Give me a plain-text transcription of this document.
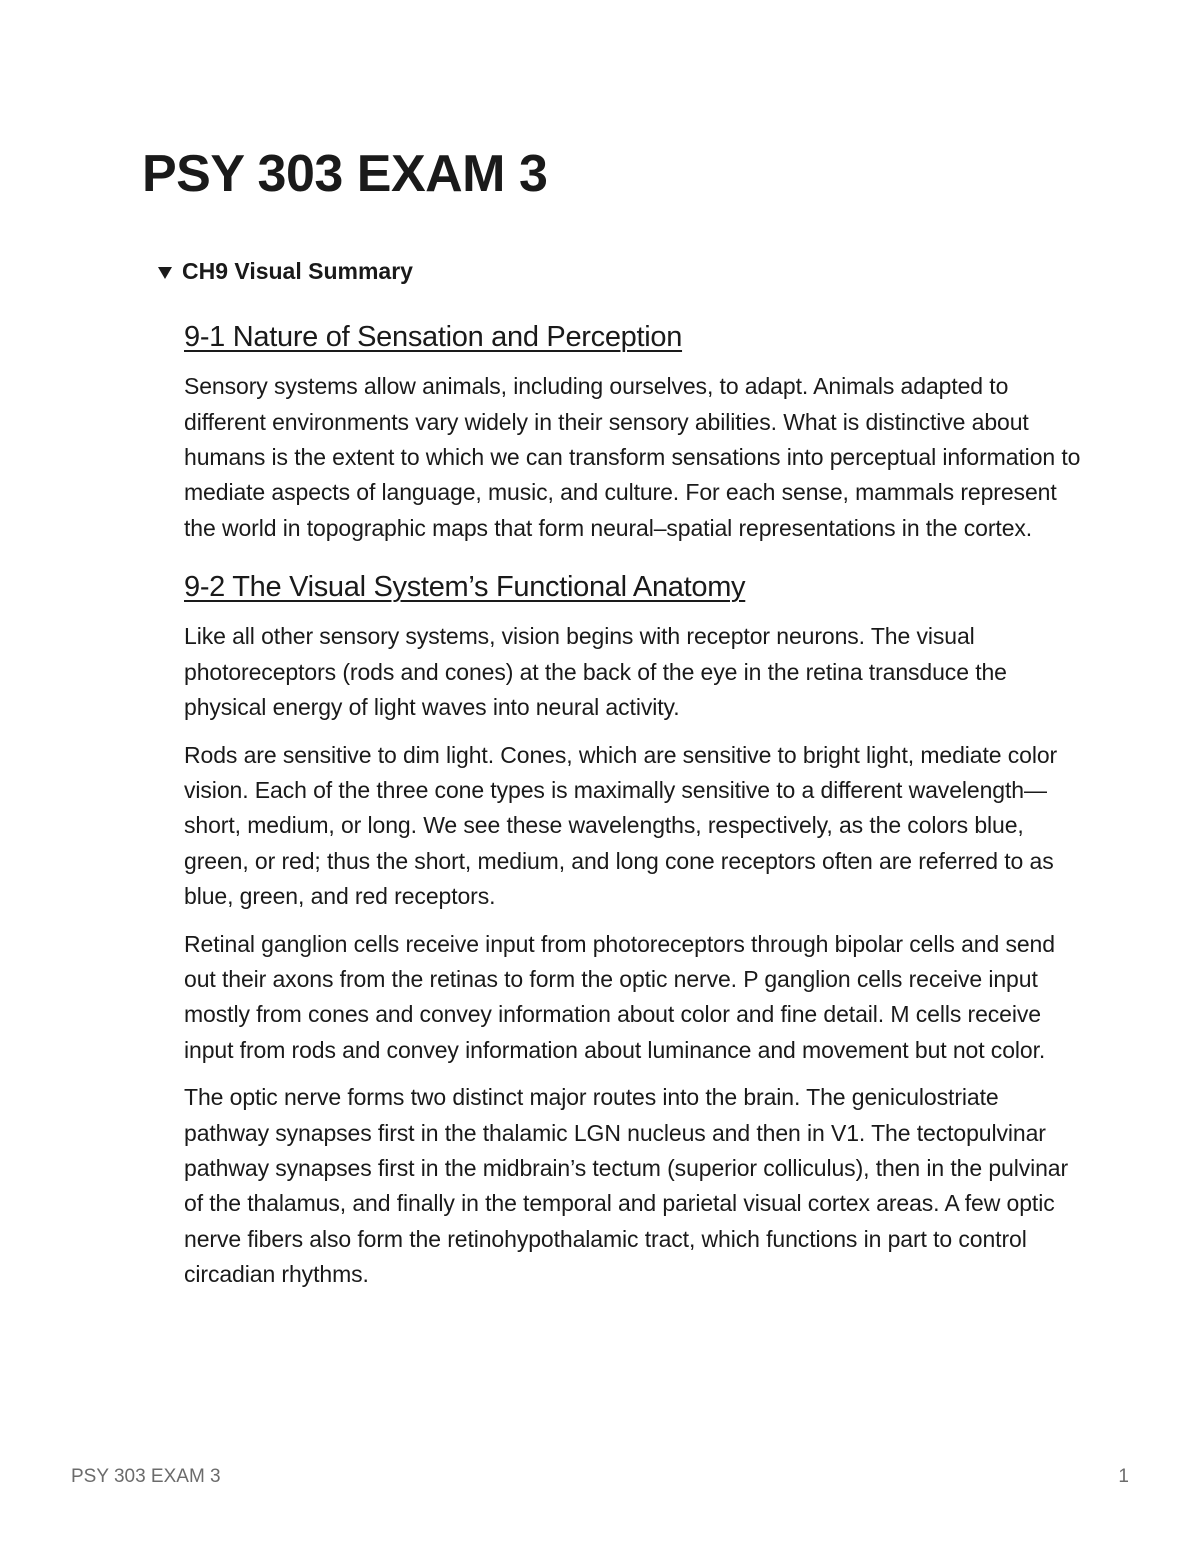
PSY 303 EXAM 3
CH9 Visual Summary
9-1 Nature of Sensation and Perception

Sensory systems allow animals, including ourselves, to adapt. Animals adapted to different environments vary widely in their sensory abilities. What is distinctive about humans is the extent to which we can transform sensations into perceptual information to mediate aspects of language, music, and culture. For each sense, mammals represent the world in topographic maps that form neural–spatial representations in the cortex.

9-2 The Visual System’s Functional Anatomy

Like all other sensory systems, vision begins with receptor neurons. The visual photoreceptors (rods and cones) at the back of the eye in the retina transduce the physical energy of light waves into neural activity.

Rods are sensitive to dim light. Cones, which are sensitive to bright light, mediate color vision. Each of the three cone types is maximally sensitive to a different wavelength—short, medium, or long. We see these wavelengths, respectively, as the colors blue, green, or red; thus the short, medium, and long cone receptors often are referred to as blue, green, and red receptors.

Retinal ganglion cells receive input from photoreceptors through bipolar cells and send out their axons from the retinas to form the optic nerve. P ganglion cells receive input mostly from cones and convey information about color and fine detail. M cells receive input from rods and convey information about luminance and movement but not color.

The optic nerve forms two distinct major routes into the brain. The geniculostriate pathway synapses first in the thalamic LGN nucleus and then in V1. The tectopulvinar pathway synapses first in the midbrain’s tectum (superior colliculus), then in the pulvinar of the thalamus, and finally in the temporal and parietal visual cortex areas. A few optic nerve fibers also form the retinohypothalamic tract, which functions in part to control circadian rhythms.

PSY 303 EXAM 3	1
